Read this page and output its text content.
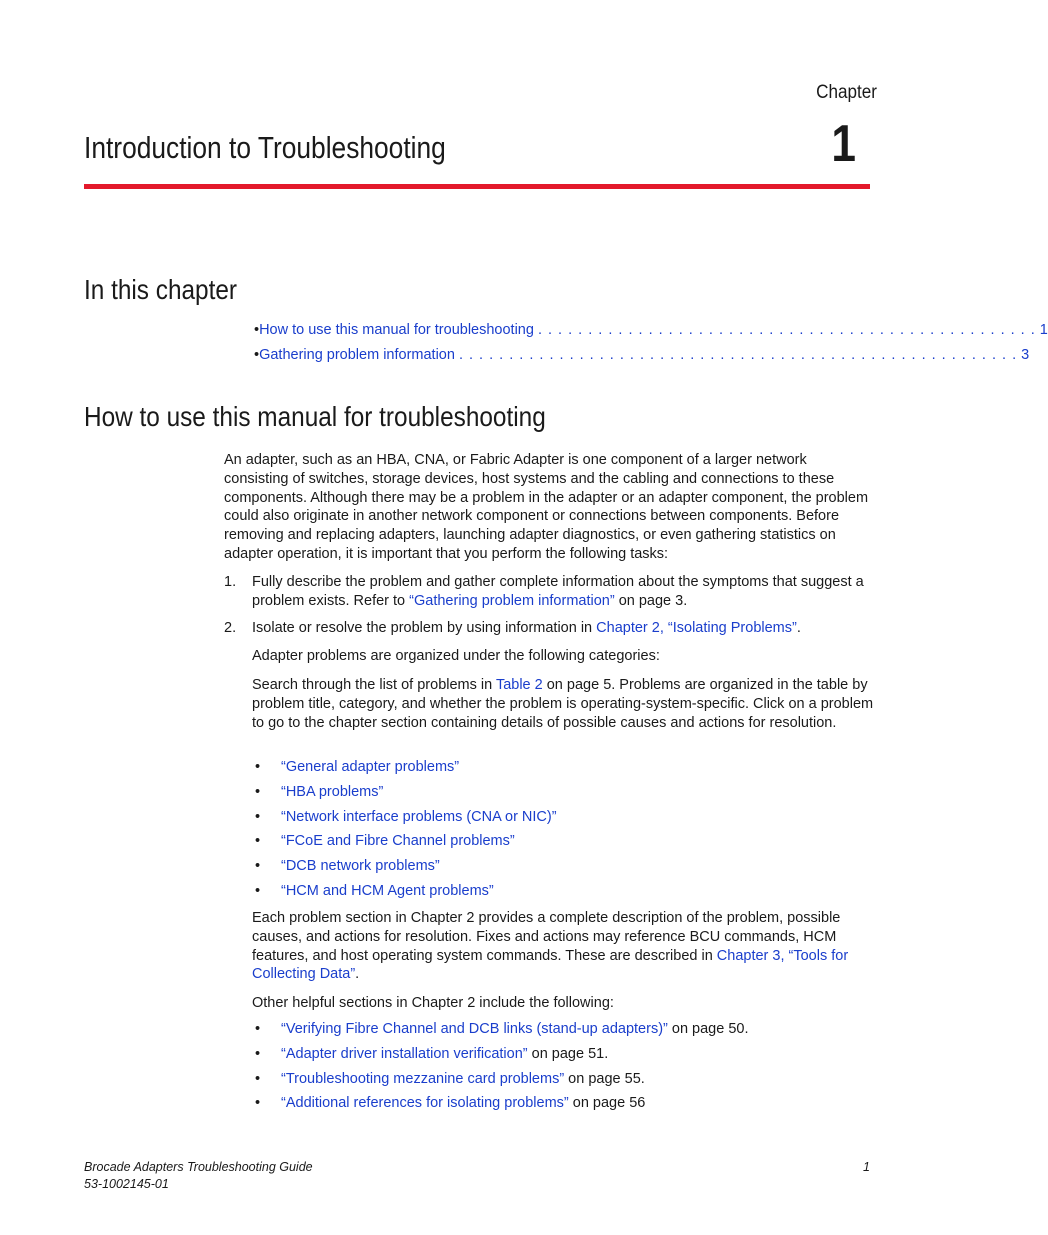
Chapter
1
Introduction to Troubleshooting
In this chapter
• How to use this manual for troubleshooting . . . . . . . . . . . . . . . . . . . . . . . . . . . . . . . . . . . . . . . . . . . . . . . . . . 1
• Gathering problem information . . . . . . . . . . . . . . . . . . . . . . . . . . . . . . . . . . . . . . . . . . . . . . . . . . . . . . . . 3
How to use this manual for troubleshooting
An adapter, such as an HBA, CNA, or Fabric Adapter is one component of a larger network consisting of switches, storage devices, host systems and the cabling and connections to these components. Although there may be a problem in the adapter or an adapter component, the problem could also originate in another network component or connections between components. Before removing and replacing adapters, launching adapter diagnostics, or even gathering statistics on adapter operation, it is important that you perform the following tasks:
1. Fully describe the problem and gather complete information about the symptoms that suggest a problem exists. Refer to “Gathering problem information” on page 3.
2. Isolate or resolve the problem by using information in Chapter 2, “Isolating Problems”.
Adapter problems are organized under the following categories:
Search through the list of problems in Table 2 on page 5. Problems are organized in the table by problem title, category, and whether the problem is operating-system-specific. Click on a problem to go to the chapter section containing details of possible causes and actions for resolution.
• “General adapter problems”
• “HBA problems”
• “Network interface problems (CNA or NIC)”
• “FCoE and Fibre Channel problems”
• “DCB network problems”
• “HCM and HCM Agent problems”
Each problem section in Chapter 2 provides a complete description of the problem, possible causes, and actions for resolution. Fixes and actions may reference BCU commands, HCM features, and host operating system commands. These are described in Chapter 3, “Tools for Collecting Data”.
Other helpful sections in Chapter 2 include the following:
• “Verifying Fibre Channel and DCB links (stand-up adapters)” on page 50.
• “Adapter driver installation verification” on page 51.
• “Troubleshooting mezzanine card problems” on page 55.
• “Additional references for isolating problems” on page 56
Brocade Adapters Troubleshooting Guide
53-1002145-01
1
